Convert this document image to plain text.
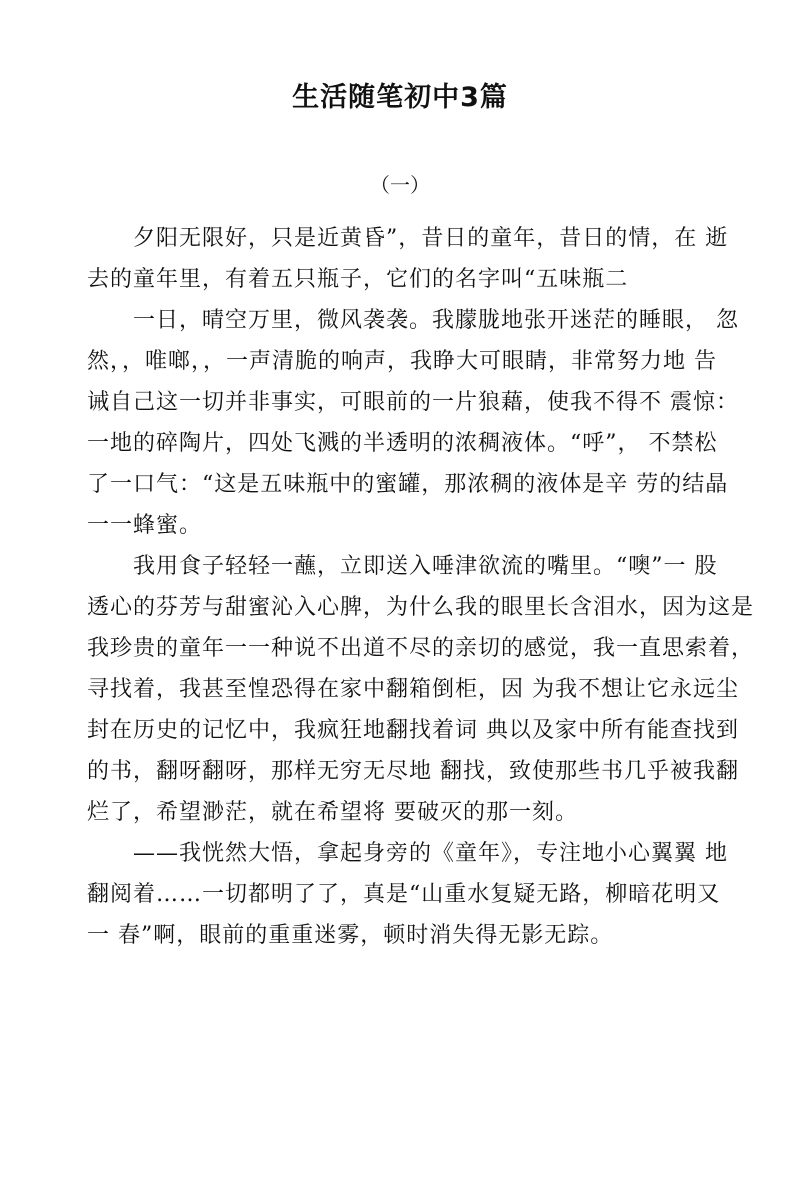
生活随笔初中3篇
（一）

夕阳无限好，只是近黄昏”，昔日的童年，昔日的情，在 逝
去的童年里，有着五只瓶子，它们的名字叫“五味瓶二

一日，晴空万里，微风袭袭。我朦胧地张开迷茫的睡眼， 忽
然，，唯啷，，一声清脆的响声，我睁大可眼睛，非常努力地 告
诫自己这一切并非事实，可眼前的一片狼藉，使我不得不 震惊：
一地的碎陶片，四处飞溅的半透明的浓稠液体。“呼”， 不禁松
了一口气：“这是五味瓶中的蜜罐，那浓稠的液体是辛 劳的结晶
一一蜂蜜。

我用食子轻轻一蘸，立即送入唾津欲流的嘴里。“噢”一 股
透心的芬芳与甜蜜沁入心脾，为什么我的眼里长含泪水，因为这是
我珍贵的童年一一种说不出道不尽的亲切的感觉，我一直思索着，
寻找着，我甚至惶恐得在家中翻箱倒柜，因 为我不想让它永远尘
封在历史的记忆中，我疯狂地翻找着词 典以及家中所有能查找到
的书，翻呀翻呀，那样无穷无尽地 翻找，致使那些书几乎被我翻
烂了，希望渺茫，就在希望将 要破灭的那一刻。

——我恍然大悟，拿起身旁的《童年》，专注地小心翼翼 地
翻阅着……一切都明了了，真是“山重水复疑无路，柳暗花明又
一 春”啊，眼前的重重迷雾，顿时消失得无影无踪。
